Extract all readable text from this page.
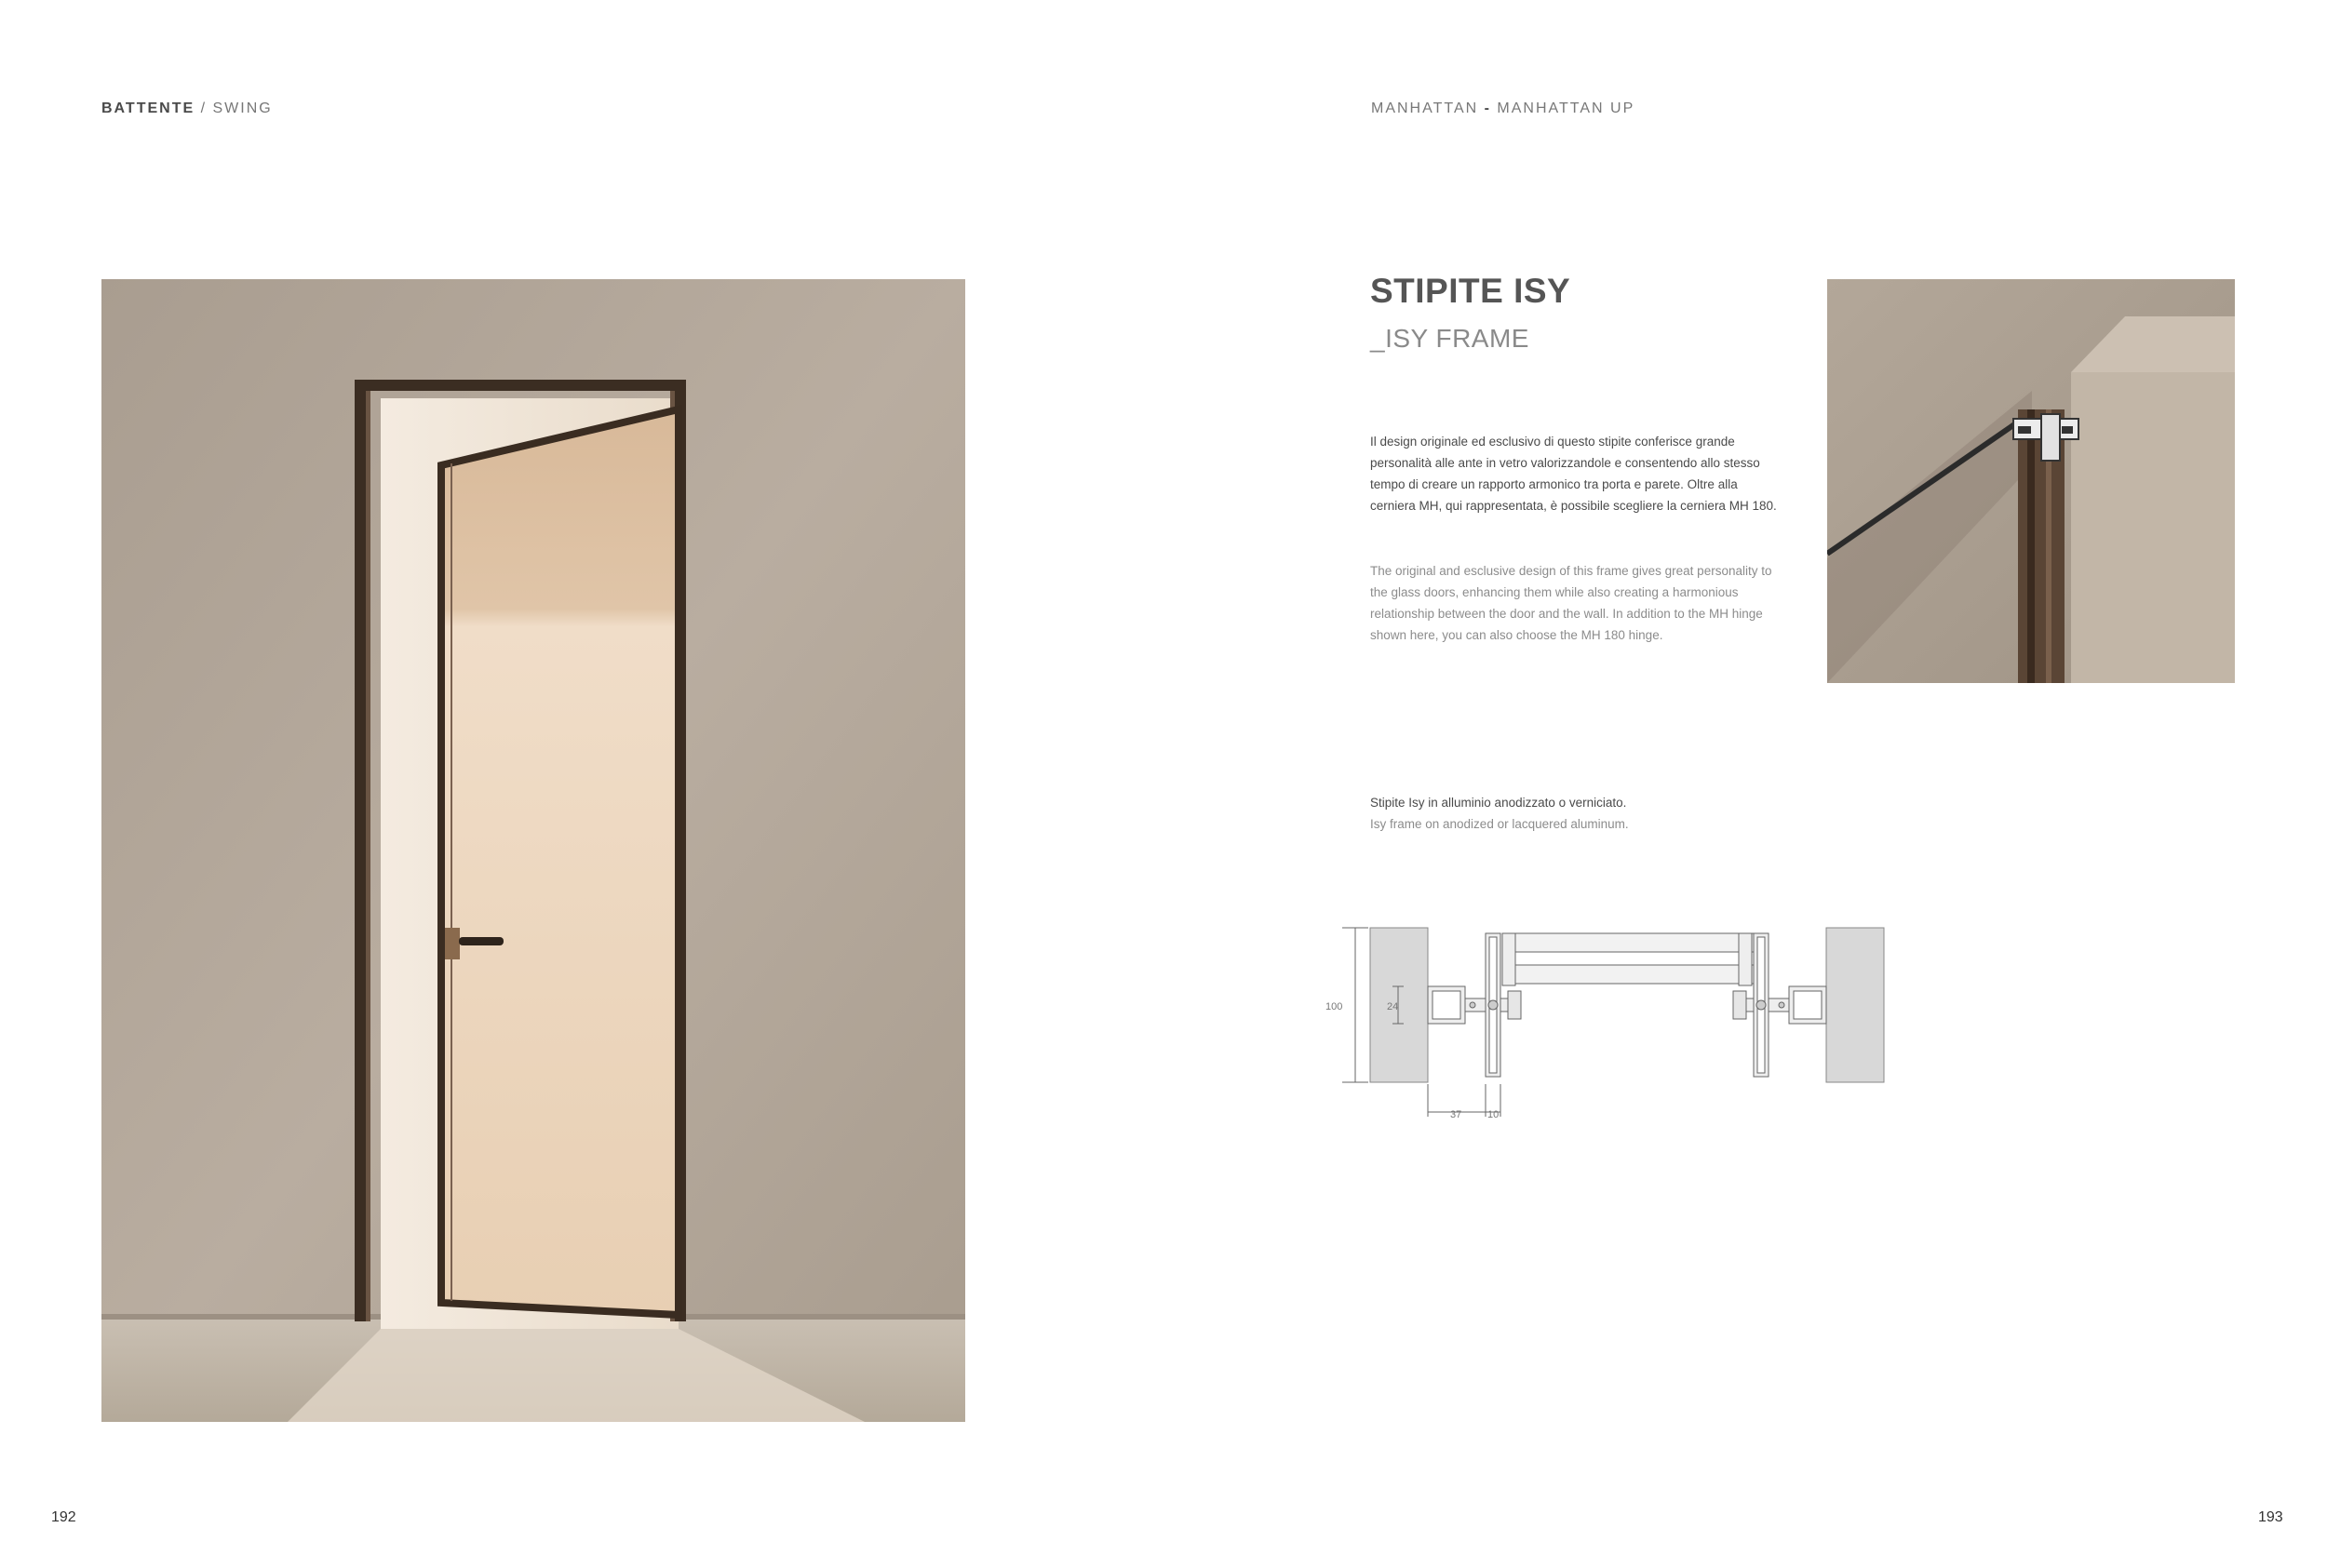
BATTENTE / SWING	MANHATTAN - MANHATTAN UP
STIPITE ISY
_ISY FRAME
Il design originale ed esclusivo di questo stipite conferisce grande personalità alle ante in vetro valorizzandole e consentendo allo stesso tempo di creare un rapporto armonico tra porta e parete. Oltre alla cerniera MH, qui rappresentata, è possibile scegliere la cerniera MH 180.
The original and esclusive design of this frame gives great personality to the glass doors, enhancing them while also creating a harmonious relationship between the door and the wall. In addition to the MH hinge shown here, you can also choose the MH 180 hinge.
Stipite Isy in alluminio anodizzato o verniciato.
Isy frame on anodized or lacquered aluminum.
100	24
37	10
192	193
